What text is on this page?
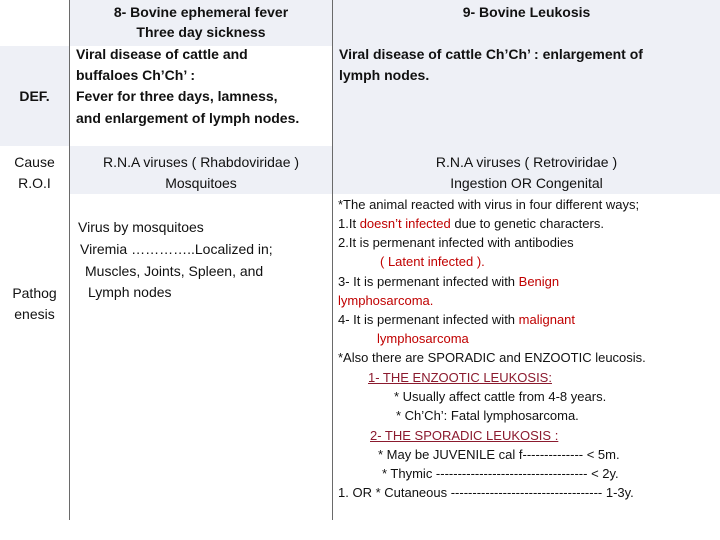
8- Bovine ephemeral fever
Three day sickness
9- Bovine Leukosis
DEF.
Viral disease of cattle and
buffaloes Ch’Ch’ :
Fever for three days, lamness,
and enlargement of lymph nodes.
Viral disease of cattle Ch’Ch’ : enlargement of
lymph nodes.
Cause
R.O.I
R.N.A viruses ( Rhabdoviridae )
Mosquitoes
R.N.A viruses ( Retroviridae )
Ingestion OR Congenital
Pathog
enesis
Virus by mosquitoes
Viremia …………..Localized in;
Muscles, Joints, Spleen, and
Lymph nodes
*The animal reacted with virus in four different ways;
1.It doesn’t infected due to genetic characters.
2.It is permenant infected with antibodies
( Latent infected ).
3- It is permenant infected with Benign
lymphosarcoma.
4- It is permenant infected with malignant
lymphosarcoma
*Also there are SPORADIC and ENZOOTIC leucosis.
1- THE ENZOOTIC LEUKOSIS:
* Usually affect cattle from 4-8 years.
* Ch’Ch’: Fatal lymphosarcoma.
2- THE SPORADIC LEUKOSIS :
* May be JUVENILE cal f-------------- < 5m.
* Thymic ----------------------------------- < 2y.
1. OR * Cutaneous ----------------------------------- 1-3y.
